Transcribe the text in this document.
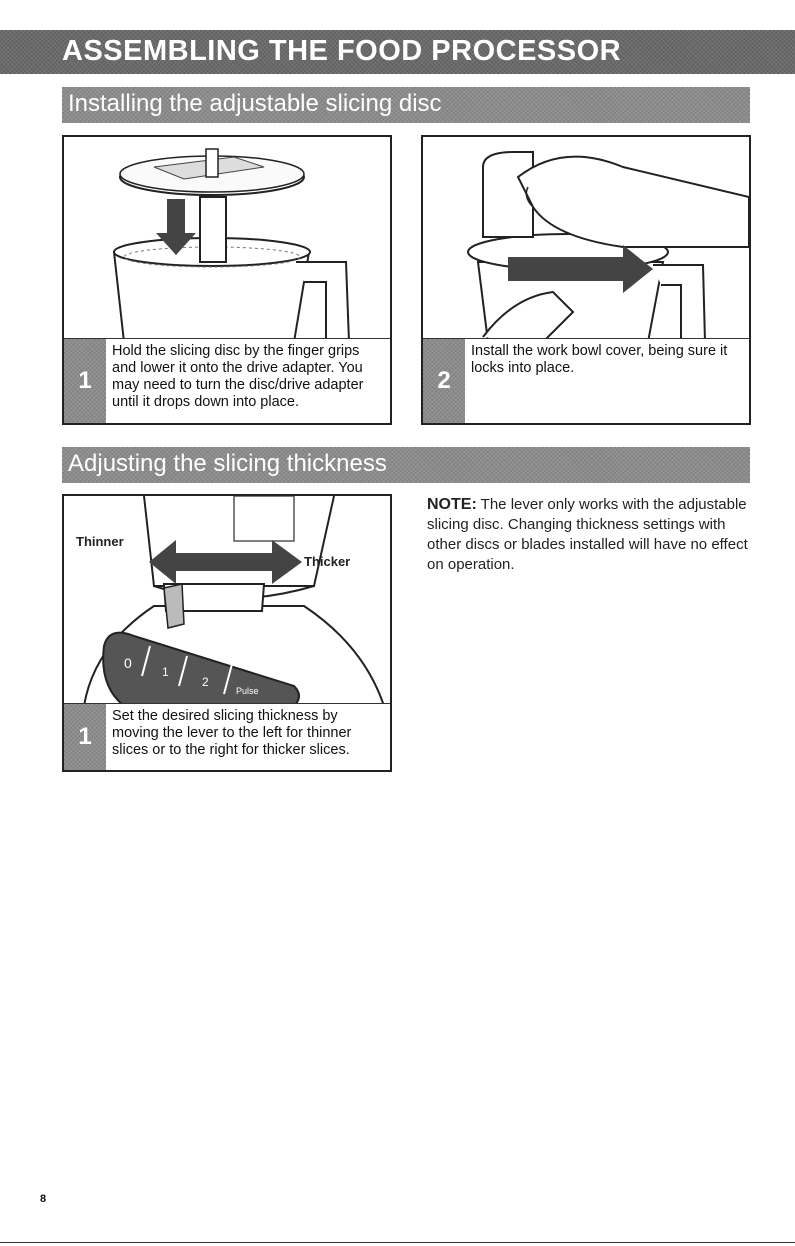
ASSEMBLING THE FOOD PROCESSOR
Installing the adjustable slicing disc
1
Hold the slicing disc by the finger grips and lower it onto the drive adapter. You may need to turn the disc/drive adapter until it drops down into place.
2
Install the work bowl cover, being sure it locks into place.
Adjusting the slicing thickness
0
1
2
Pulse
Thinner
Thicker
1
Set the desired slicing thickness by moving the lever to the left for thinner slices or to the right for thicker slices.
NOTE: The lever only works with the adjustable slicing disc. Changing thickness settings with other discs or blades installed will have no effect on operation.
8
